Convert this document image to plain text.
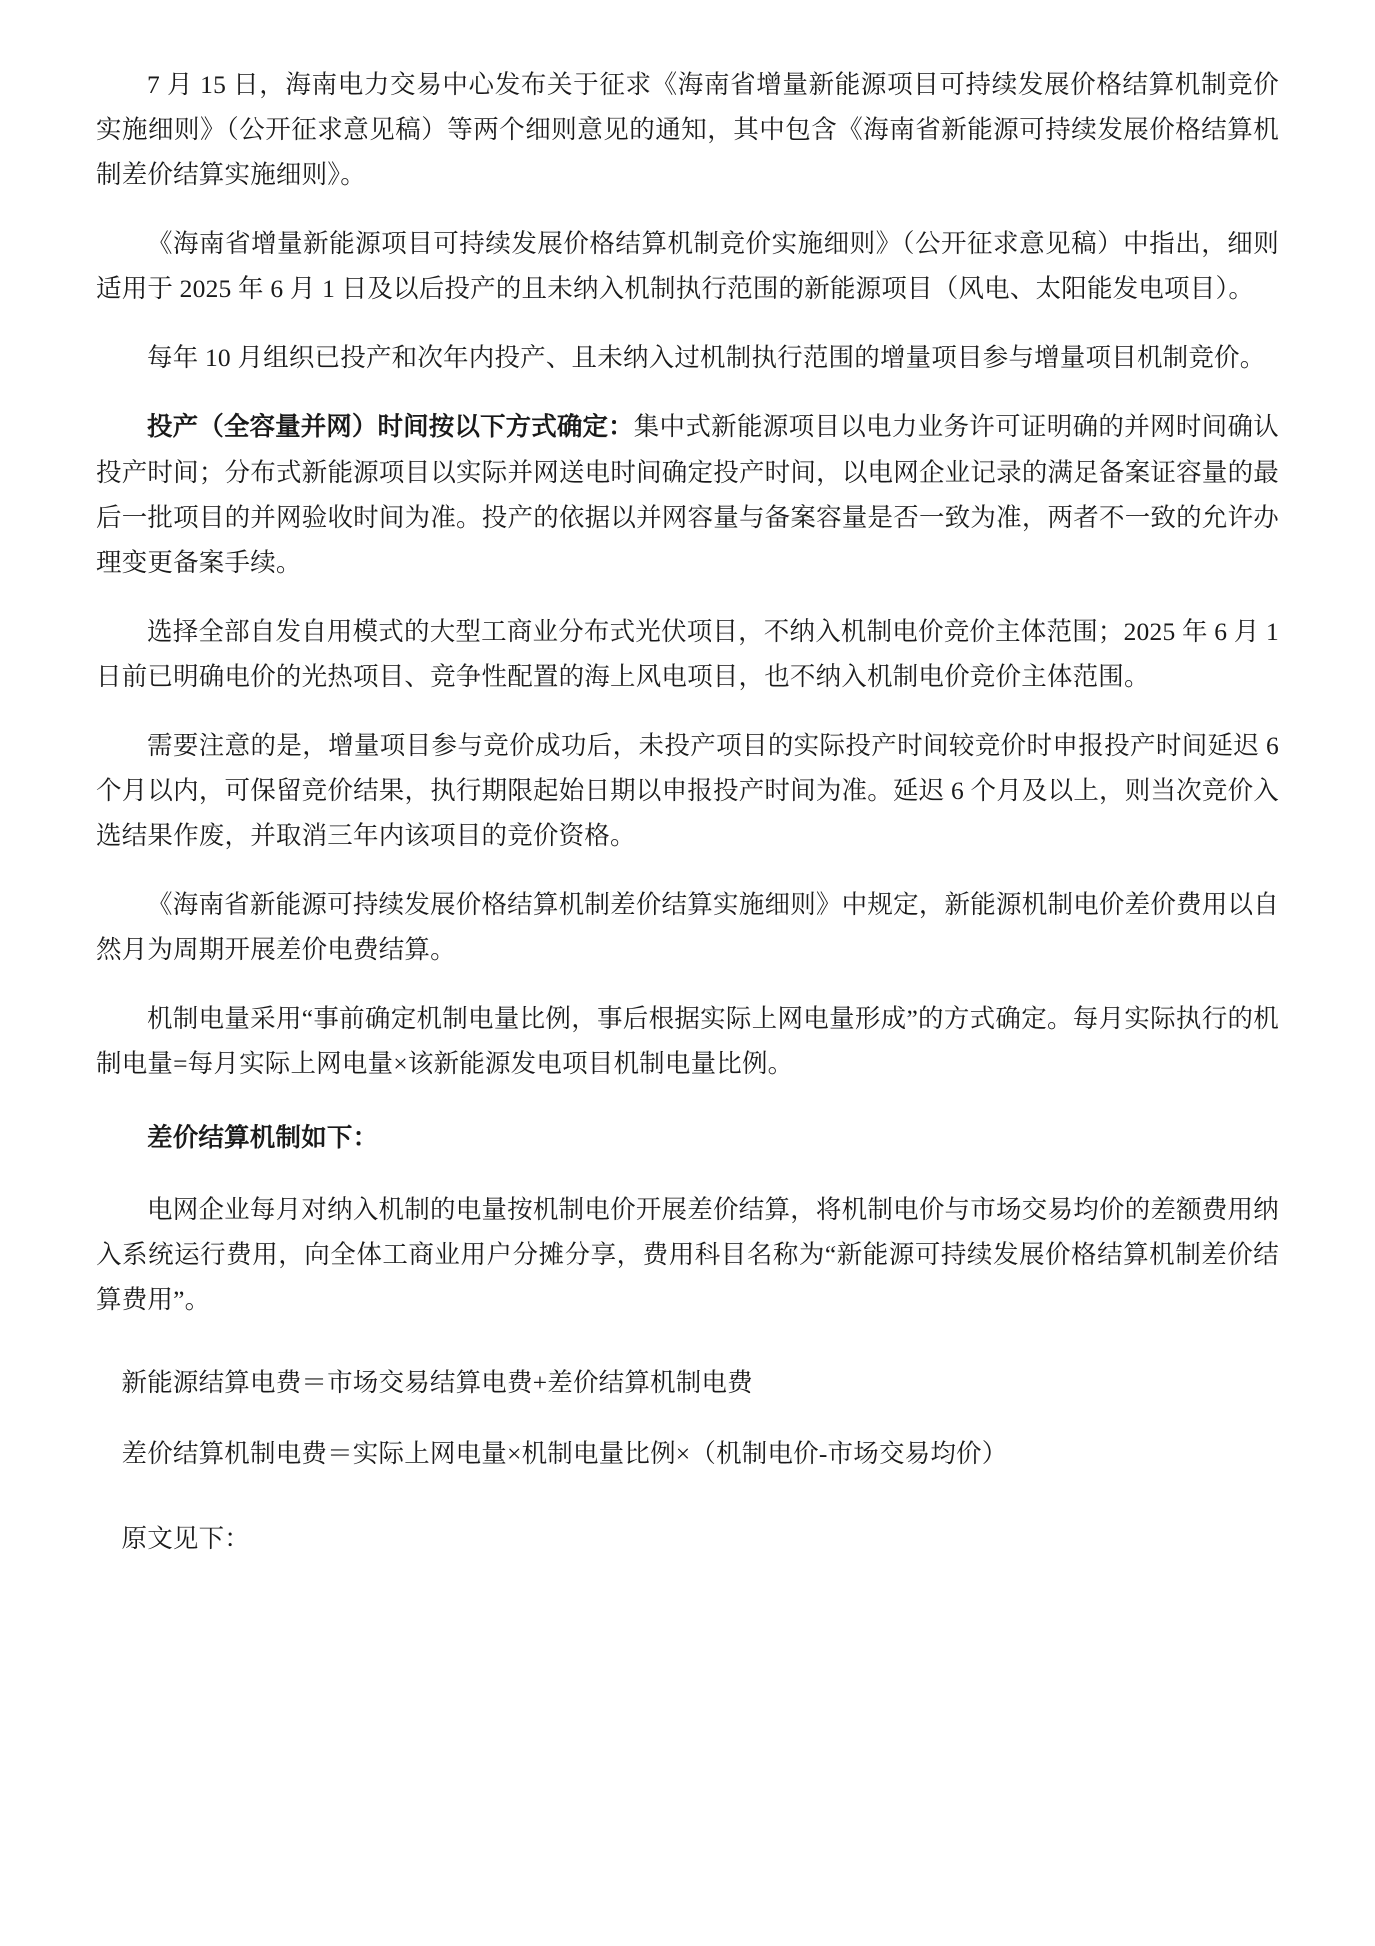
7 月 15 日，海南电力交易中心发布关于征求《海南省增量新能源项目可持续发展价格结算机制竞价实施细则》（公开征求意见稿）等两个细则意见的通知，其中包含《海南省新能源可持续发展价格结算机制差价结算实施细则》。

《海南省增量新能源项目可持续发展价格结算机制竞价实施细则》（公开征求意见稿）中指出，细则适用于 2025 年 6 月 1 日及以后投产的且未纳入机制执行范围的新能源项目（风电、太阳能发电项目）。

每年 10 月组织已投产和次年内投产、且未纳入过机制执行范围的增量项目参与增量项目机制竞价。

投产（全容量并网）时间按以下方式确定：集中式新能源项目以电力业务许可证明确的并网时间确认投产时间；分布式新能源项目以实际并网送电时间确定投产时间，以电网企业记录的满足备案证容量的最后一批项目的并网验收时间为准。投产的依据以并网容量与备案容量是否一致为准，两者不一致的允许办理变更备案手续。

选择全部自发自用模式的大型工商业分布式光伏项目，不纳入机制电价竞价主体范围；2025 年 6 月 1 日前已明确电价的光热项目、竞争性配置的海上风电项目，也不纳入机制电价竞价主体范围。

需要注意的是，增量项目参与竞价成功后，未投产项目的实际投产时间较竞价时申报投产时间延迟 6 个月以内，可保留竞价结果，执行期限起始日期以申报投产时间为准。延迟 6 个月及以上，则当次竞价入选结果作废，并取消三年内该项目的竞价资格。

《海南省新能源可持续发展价格结算机制差价结算实施细则》中规定，新能源机制电价差价费用以自然月为周期开展差价电费结算。

机制电量采用“事前确定机制电量比例，事后根据实际上网电量形成”的方式确定。每月实际执行的机制电量=每月实际上网电量×该新能源发电项目机制电量比例。

差价结算机制如下：

电网企业每月对纳入机制的电量按机制电价开展差价结算，将机制电价与市场交易均价的差额费用纳入系统运行费用，向全体工商业用户分摊分享，费用科目名称为“新能源可持续发展价格结算机制差价结算费用”。

新能源结算电费＝市场交易结算电费+差价结算机制电费

差价结算机制电费＝实际上网电量×机制电量比例×（机制电价-市场交易均价）

原文见下：
